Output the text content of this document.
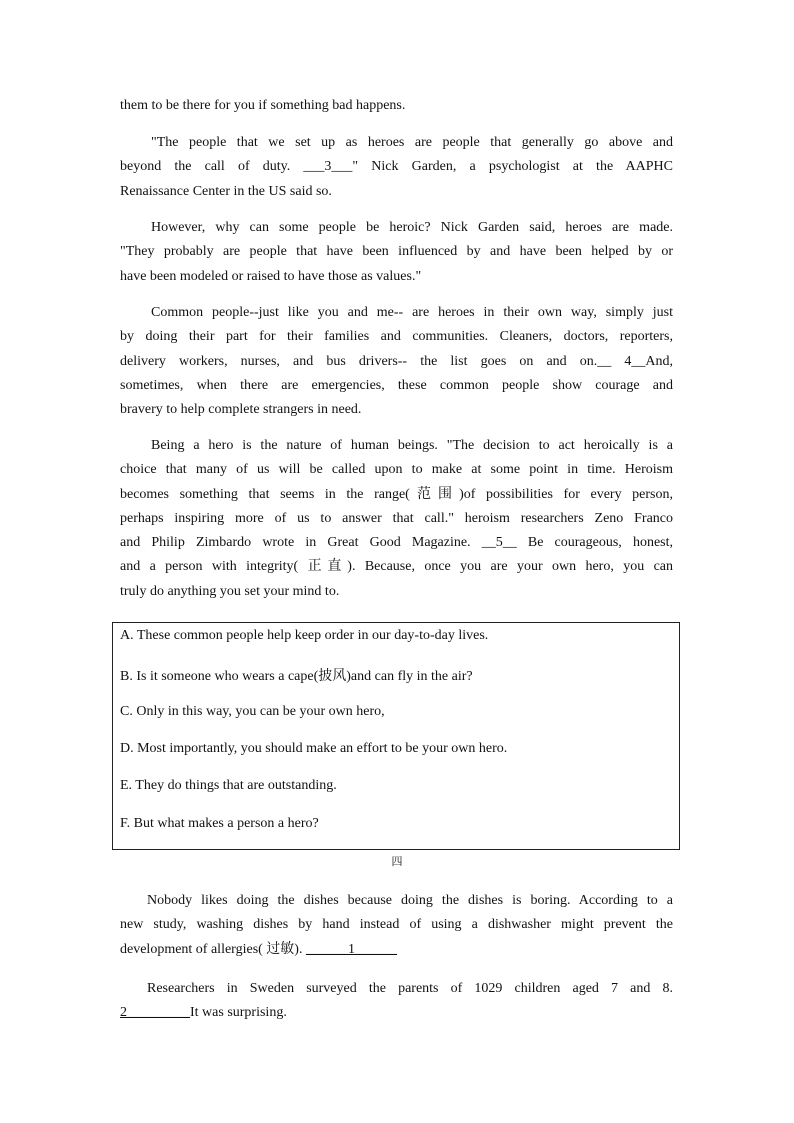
them to be there for you if something bad happens.

"The people that we set up as heroes are people that generally go above and
beyond the call of duty. ___3___" Nick Garden, a psychologist at the AAPHC
Renaissance Center in the US said so.

However, why can some people be heroic? Nick Garden said, heroes are made.
"They probably are people that have been influenced by and have been helped by or
have been modeled or raised to have those as values."

Common people--just like you and me-- are heroes in their own way, simply just
by doing their part for their families and communities. Cleaners, doctors, reporters,
delivery workers, nurses, and bus drivers-- the list goes on and on.__ 4__And,
sometimes, when there are emergencies, these common people show courage and
bravery to help complete strangers in need.

Being a hero is the nature of human beings. "The decision to act heroically is a
choice that many of us will be called upon to make at some point in time. Heroism
becomes something that seems in the range(范围)of possibilities for every person,
perhaps inspiring more of us to answer that call." heroism researchers Zeno Franco
and Philip Zimbardo wrote in Great Good Magazine. __5__ Be courageous, honest,
and a person with integrity( 正直). Because, once you are your own hero, you can
truly do anything you set your mind to.

A. These common people help keep order in our day-to-day lives.
B. Is it someone who wears a cape(披风)and can fly in the air?
C. Only in this way, you can be your own hero,
D. Most importantly, you should make an effort to be your own hero.
E. They do things that are outstanding.
F. But what makes a person a hero?
四

Nobody likes doing the dishes because doing the dishes is boring. According to a
new study, washing dishes by hand instead of using a dishwasher might prevent the
development of allergies( 过敏). ______1______

Researchers in Sweden surveyed the parents of 1029 children aged 7 and 8.
2_________It was surprising.
